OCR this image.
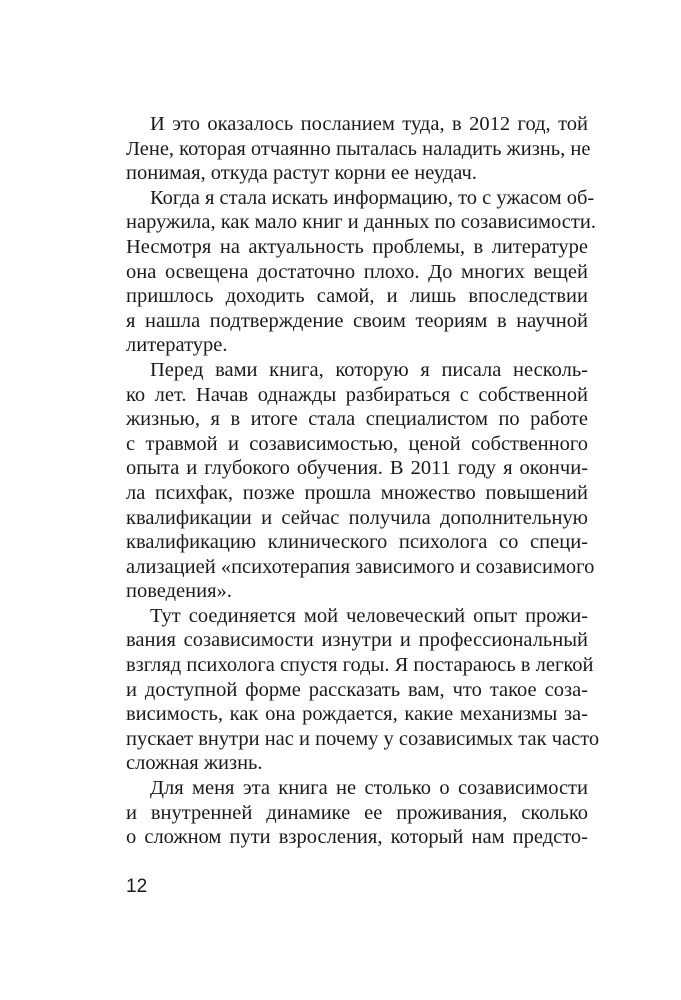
И это оказалось посланием туда, в 2012 год, той
Лене, которая отчаянно пыталась наладить жизнь, не
понимая, откуда растут корни ее неудач.
Когда я стала искать информацию, то с ужасом об-
наружила, как мало книг и данных по созависимости.
Несмотря на актуальность проблемы, в литературе
она освещена достаточно плохо. До многих вещей
пришлось доходить самой, и лишь впоследствии
я нашла подтверждение своим теориям в научной
литературе.
Перед вами книга, которую я писала несколь-
ко лет. Начав однажды разбираться с собственной
жизнью, я в итоге стала специалистом по работе
с травмой и созависимостью, ценой собственного
опыта и глубокого обучения. В 2011 году я окончи-
ла психфак, позже прошла множество повышений
квалификации и сейчас получила дополнительную
квалификацию клинического психолога со специ-
ализацией «психотерапия зависимого и созависимого
поведения».
Тут соединяется мой человеческий опыт прожи-
вания созависимости изнутри и профессиональный
взгляд психолога спустя годы. Я постараюсь в легкой
и доступной форме рассказать вам, что такое соза-
висимость, как она рождается, какие механизмы за-
пускает внутри нас и почему у созависимых так часто
сложная жизнь.
Для меня эта книга не столько о созависимости
и внутренней динамике ее проживания, сколько
о сложном пути взросления, который нам предсто-
12
